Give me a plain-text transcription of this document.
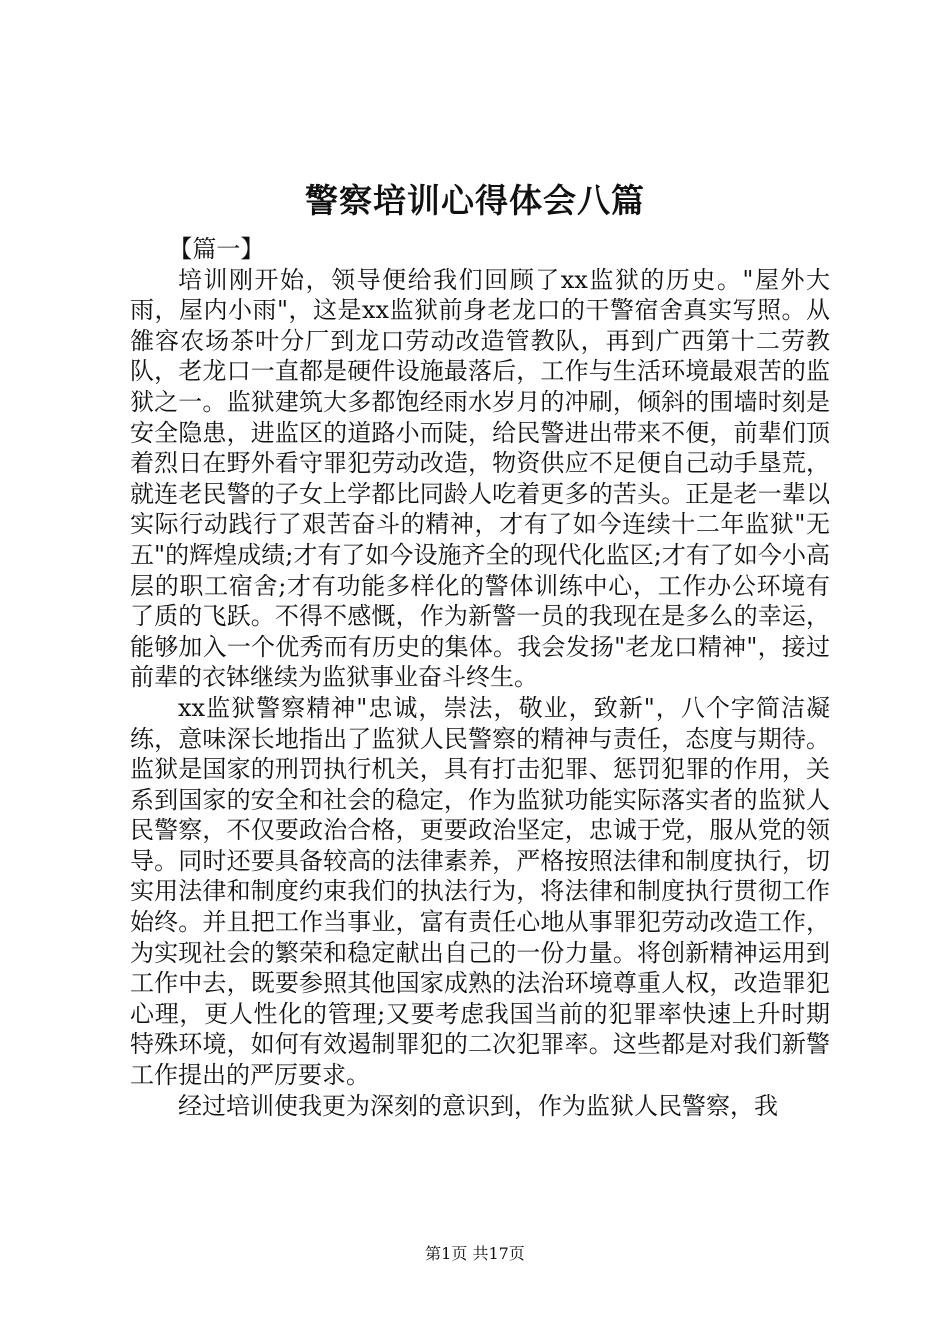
警察培训心得体会八篇
【篇一】

培训刚开始，领导便给我们回顾了xx监狱的历史。"屋外大雨，屋内小雨"，这是xx监狱前身老龙口的干警宿舍真实写照。从雒容农场茶叶分厂到龙口劳动改造管教队，再到广西第十二劳教队，老龙口一直都是硬件设施最落后，工作与生活环境最艰苦的监狱之一。监狱建筑大多都饱经雨水岁月的冲刷，倾斜的围墙时刻是安全隐患，进监区的道路小而陡，给民警进出带来不便，前辈们顶着烈日在野外看守罪犯劳动改造，物资供应不足便自己动手垦荒，就连老民警的子女上学都比同龄人吃着更多的苦头。正是老一辈以实际行动践行了艰苦奋斗的精神，才有了如今连续十二年监狱"无五"的辉煌成绩;才有了如今设施齐全的现代化监区;才有了如今小高层的职工宿舍;才有功能多样化的警体训练中心，工作办公环境有了质的飞跃。不得不感慨，作为新警一员的我现在是多么的幸运，能够加入一个优秀而有历史的集体。我会发扬"老龙口精神"，接过前辈的衣钵继续为监狱事业奋斗终生。

xx监狱警察精神"忠诚，崇法，敬业，致新"，八个字简洁凝练，意味深长地指出了监狱人民警察的精神与责任，态度与期待。监狱是国家的刑罚执行机关，具有打击犯罪、惩罚犯罪的作用，关系到国家的安全和社会的稳定，作为监狱功能实际落实者的监狱人民警察，不仅要政治合格，更要政治坚定，忠诚于党，服从党的领导。同时还要具备较高的法律素养，严格按照法律和制度执行，切实用法律和制度约束我们的执法行为，将法律和制度执行贯彻工作始终。并且把工作当事业，富有责任心地从事罪犯劳动改造工作，为实现社会的繁荣和稳定献出自己的一份力量。将创新精神运用到工作中去，既要参照其他国家成熟的法治环境尊重人权，改造罪犯心理，更人性化的管理;又要考虑我国当前的犯罪率快速上升时期特殊环境，如何有效遏制罪犯的二次犯罪率。这些都是对我们新警工作提出的严厉要求。

经过培训使我更为深刻的意识到，作为监狱人民警察，我

第1页 共17页
